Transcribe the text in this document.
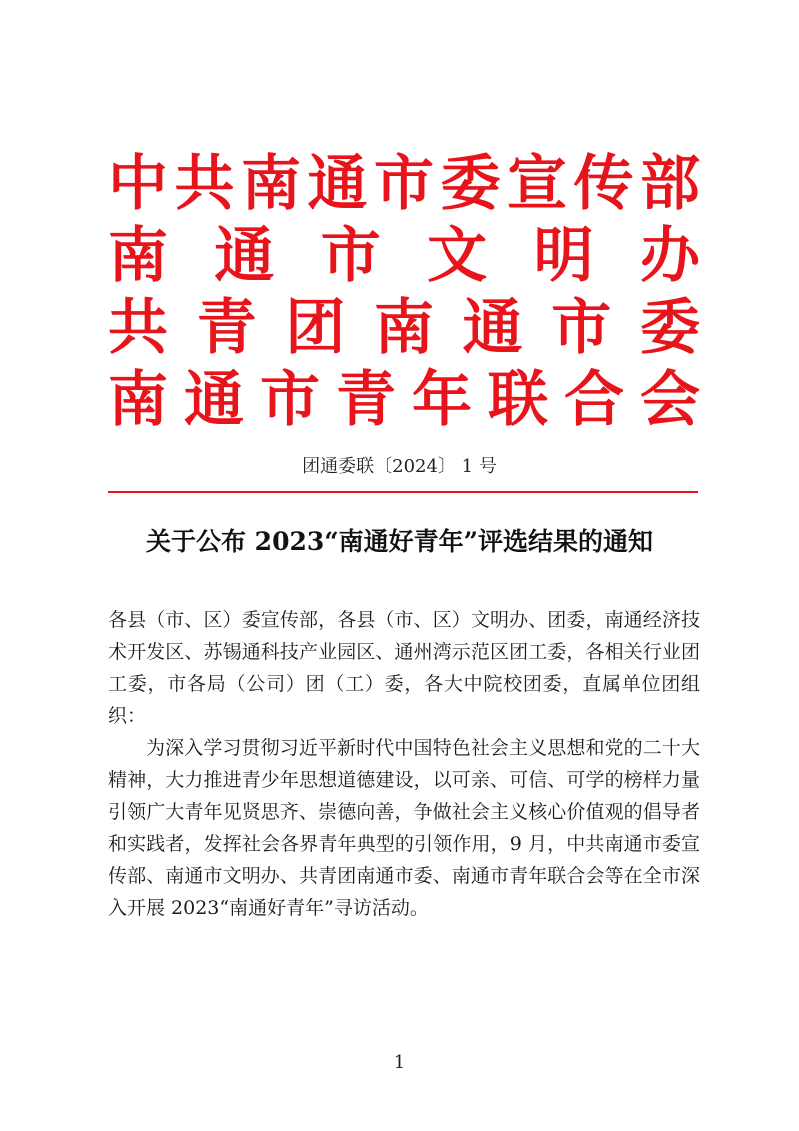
中 共 南 通 市 委 宣 传 部
南 通 市 文 明 办
共 青 团 南 通 市 委
南 通 市 青 年 联 合 会
团通委联〔2024〕 1 号
关于公布 2023“南通好青年”评选结果的通知
各县（市、区）委宣传部，各县（市、区）文明办、团委，南通经济技术开发区、苏锡通科技产业园区、通州湾示范区团工委，各相关行业团工委，市各局（公司）团（工）委，各大中院校团委，直属单位团组织：
为深入学习贯彻习近平新时代中国特色社会主义思想和党的二十大精神，大力推进青少年思想道德建设，以可亲、可信、可学的榜样力量引领广大青年见贤思齐、崇德向善，争做社会主义核心价值观的倡导者和实践者，发挥社会各界青年典型的引领作用，9 月，中共南通市委宣传部、南通市文明办、共青团南通市委、南通市青年联合会等在全市深入开展 2023“南通好青年”寻访活动。
1
